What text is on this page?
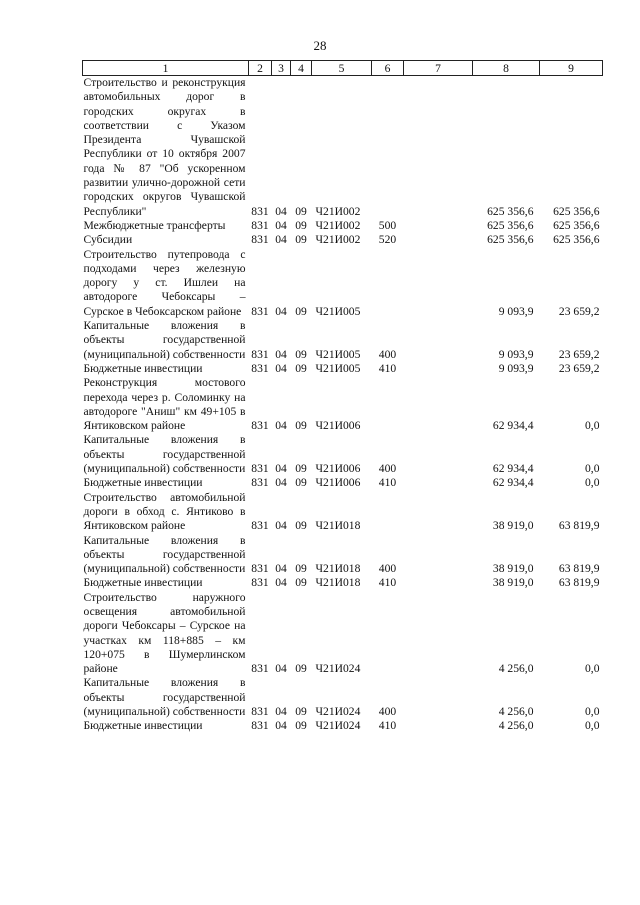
28
1	2	3	4	5	6	7	8	9
Строительство и реконструкция автомобильных дорог в городских округах в соответствии с Указом Президента Чувашской Республики от 10 октября 2007 года № 87 "Об ускоренном развитии улично-дорожной сети городских округов Чувашской Республики"	831	04	09	Ч21И002			625 356,6	625 356,6
Межбюджетные трансферты	831	04	09	Ч21И002	500		625 356,6	625 356,6
Субсидии	831	04	09	Ч21И002	520		625 356,6	625 356,6
Строительство путепровода с подходами через железную дорогу у ст. Ишлеи на автодороге Чебоксары – Сурское в Чебоксарском районе	831	04	09	Ч21И005			9 093,9	23 659,2
Капитальные вложения в объекты государственной (муниципальной) собственности	831	04	09	Ч21И005	400		9 093,9	23 659,2
Бюджетные инвестиции	831	04	09	Ч21И005	410		9 093,9	23 659,2
Реконструкция мостового перехода через р. Соломинку на автодороге "Аниш" км 49+105 в Янтиковском районе	831	04	09	Ч21И006			62 934,4	0,0
Капитальные вложения в объекты государственной (муниципальной) собственности	831	04	09	Ч21И006	400		62 934,4	0,0
Бюджетные инвестиции	831	04	09	Ч21И006	410		62 934,4	0,0
Строительство автомобильной дороги в обход с. Янтиково в Янтиковском районе	831	04	09	Ч21И018			38 919,0	63 819,9
Капитальные вложения в объекты государственной (муниципальной) собственности	831	04	09	Ч21И018	400		38 919,0	63 819,9
Бюджетные инвестиции	831	04	09	Ч21И018	410		38 919,0	63 819,9
Строительство наружного освещения автомобильной дороги Чебоксары – Сурское на участках км 118+885 – км 120+075 в Шумерлинском районе	831	04	09	Ч21И024			4 256,0	0,0
Капитальные вложения в объекты государственной (муниципальной) собственности	831	04	09	Ч21И024	400		4 256,0	0,0
Бюджетные инвестиции	831	04	09	Ч21И024	410		4 256,0	0,0
